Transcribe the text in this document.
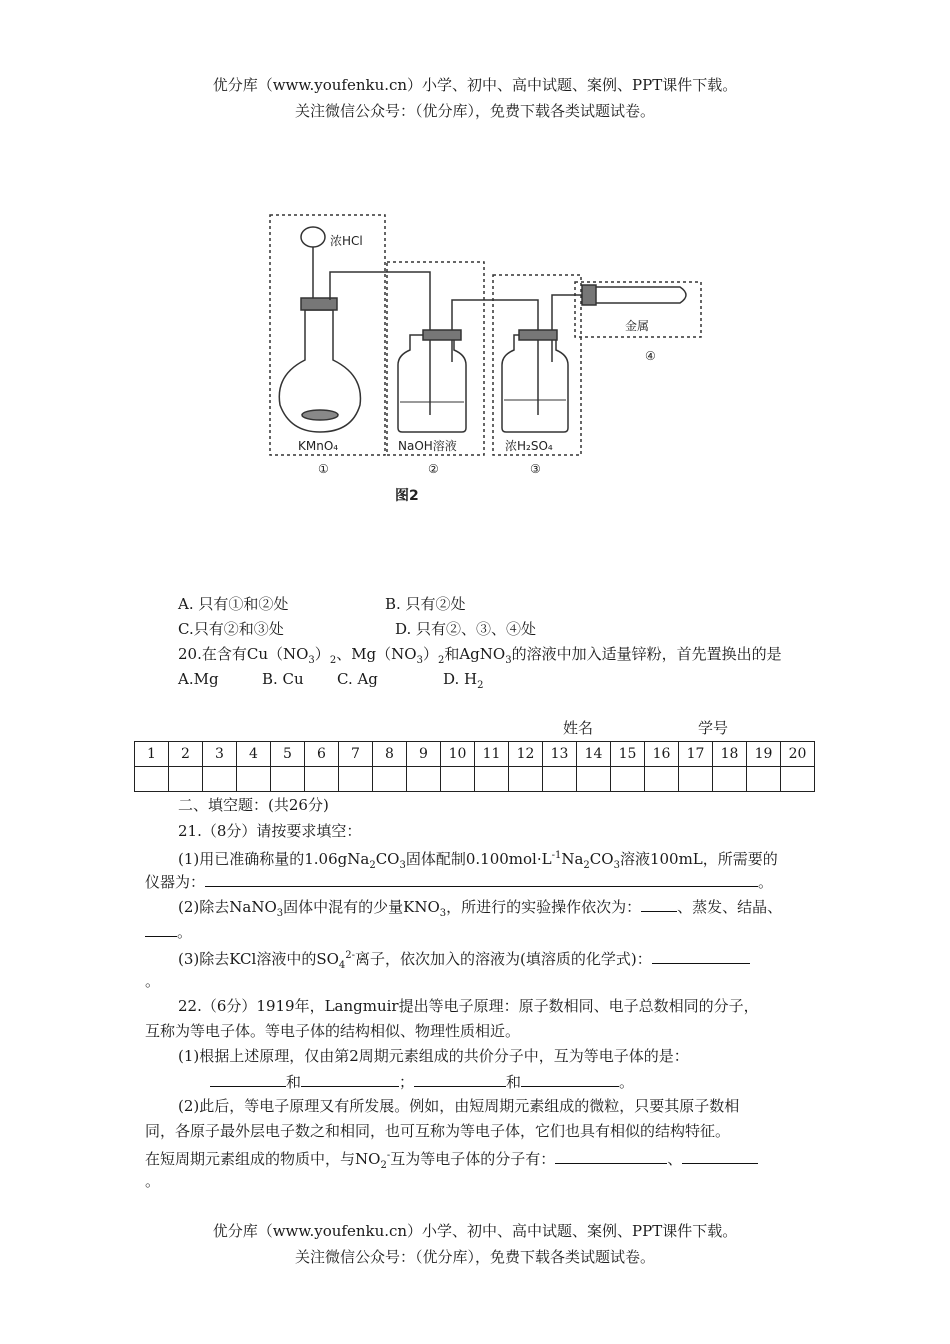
优分库（www.youfenku.cn）小学、初中、高中试题、案例、PPT课件下载。
关注微信公众号：（优分库），免费下载各类试题试卷。
浓HCl
KMnO₄	NaOH溶液	浓H₂SO₄
金属
①	②	③
④
图2
A. 只有①和②处	B. 只有②处
C.只有②和③处	D. 只有②、③、④处
20.在含有$Cu(NO_3)_2$、$Mg(NO_3)_2$和AgNO$_3$的溶液中加入适量锌粉，首先置换出的是
A.Mg	B. Cu C. Ag	D. $H_2$
姓名	学号
1	2	3	4	5	6	7	8	9	10	11	12	13	14	15	16	17	18	19	20

二、填空题：(共26分)
21.（8分）请按要求填空：
(1)用已准确称量的$1.06gNa_2CO_3$固体配制$0.100mol\cdot L^{-1}Na_2CO_3$溶液100mL，所需要的
仪器为：	。
(2)除去NaNO$_3$固体中混有的少量$KNO_3$，所进行的实验操作依次为： 、蒸发、结晶、
。
(3)除去KCl溶液中的$SO_4^{2-}$离子，依次加入的溶液为(填溶质的化学式)：
。
22.（6分）1919年，Langmuir提出等电子原理：原子数相同、电子总数相同的分子，
互称为等电子体。等电子体的结构相似、物理性质相近。
(1)根据上述原理，仅由第2周期元素组成的共价分子中，互为等电子体的是：
和	；	和	。
(2)此后，等电子原理又有所发展。例如，由短周期元素组成的微粒，只要其原子数相
同，各原子最外层电子数之和相同，也可互称为等电子体，它们也具有相似的结构特征。
在短周期元素组成的物质中，与$NO_2^-$互为等电子体的分子有：	、
。
优分库（www.youfenku.cn）小学、初中、高中试题、案例、PPT课件下载。
关注微信公众号：（优分库），免费下载各类试题试卷。
